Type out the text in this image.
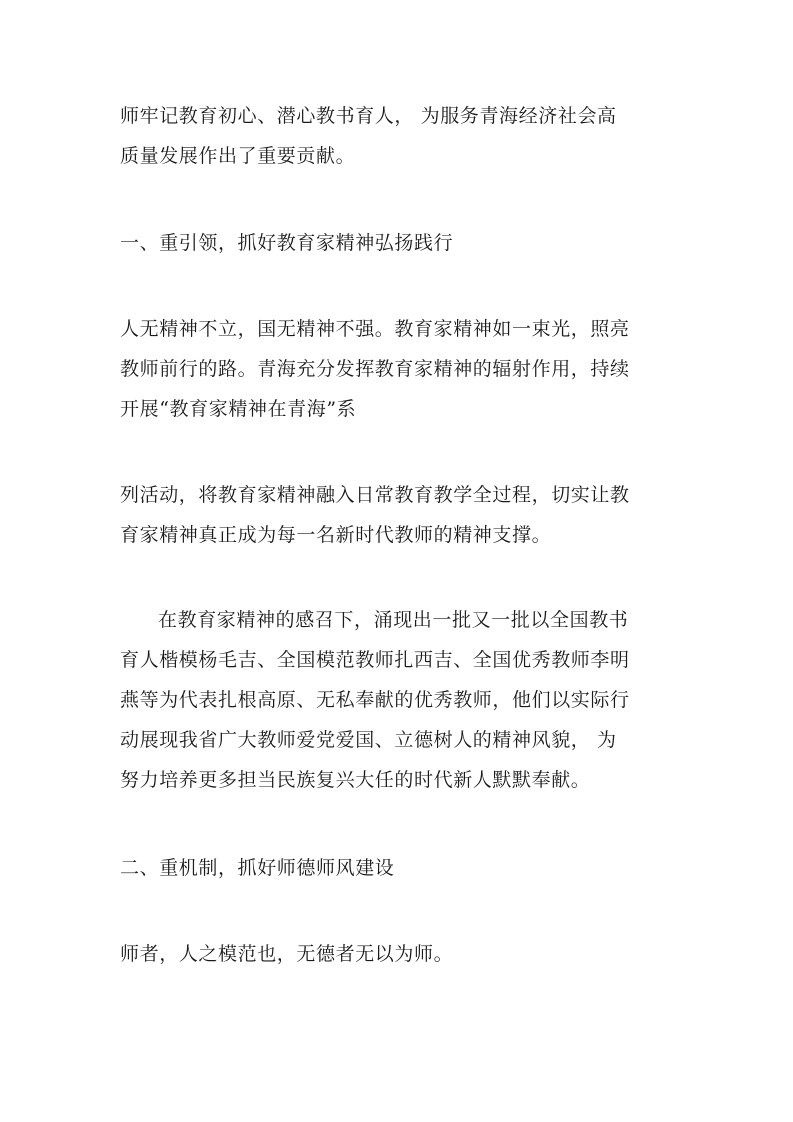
师牢记教育初心、潜心教书育人， 为服务青海经济社会高
质量发展作出了重要贡献。
一、重引领，抓好教育家精神弘扬践行
人无精神不立，国无精神不强。教育家精神如一束光，照亮
教师前行的路。青海充分发挥教育家精神的辐射作用，持续
开展“教育家精神在青海”系
列活动，将教育家精神融入日常教育教学全过程，切实让教
育家精神真正成为每一名新时代教师的精神支撑。
在教育家精神的感召下，涌现出一批又一批以全国教书
育人楷模杨毛吉、全国模范教师扎西吉、全国优秀教师李明
燕等为代表扎根高原、无私奉献的优秀教师，他们以实际行
动展现我省广大教师爱党爱国、立德树人的精神风貌， 为
努力培养更多担当民族复兴大任的时代新人默默奉献。
二、重机制，抓好师德师风建设
师者，人之模范也，无德者无以为师。
